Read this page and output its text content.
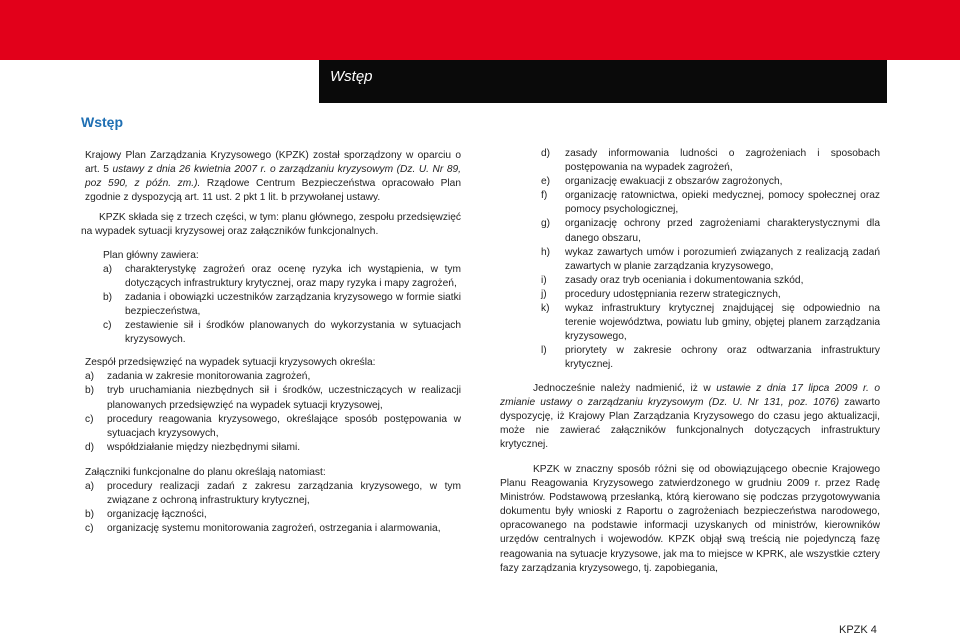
Wstęp
Wstęp

Krajowy Plan Zarządzania Kryzysowego (KPZK) został sporządzony w oparciu o art. 5 ustawy z dnia 26 kwietnia 2007 r. o zarządzaniu kryzysowym (Dz. U. Nr 89, poz 590, z późn. zm.). Rządowe Centrum Bezpieczeństwa opracowało Plan zgodnie z dyspozycją art. 11 ust. 2 pkt 1 lit. b przywołanej ustawy.

KPZK składa się z trzech części, w tym: planu głównego, zespołu przedsięwzięć na wypadek sytuacji kryzysowej oraz załączników funkcjonalnych.

Plan główny zawiera:

a) charakterystykę zagrożeń oraz ocenę ryzyka ich wystąpienia, w tym dotyczących infrastruktury krytycznej, oraz mapy ryzyka i mapy zagrożeń,
b) zadania i obowiązki uczestników zarządzania kryzysowego w formie siatki bezpieczeństwa,
c) zestawienie sił i środków planowanych do wykorzystania w sytuacjach kryzysowych.

Zespół przedsięwzięć na wypadek sytuacji kryzysowych określa:

a) zadania w zakresie monitorowania zagrożeń,
b) tryb uruchamiania niezbędnych sił i środków, uczestniczących w realizacji planowanych przedsięwzięć na wypadek sytuacji kryzysowej,
c) procedury reagowania kryzysowego, określające sposób postępowania w sytuacjach kryzysowych,
d) współdziałanie między niezbędnymi siłami.

Załączniki funkcjonalne do planu określają natomiast:

a) procedury realizacji zadań z zakresu zarządzania kryzysowego, w tym związane z ochroną infrastruktury krytycznej,
b) organizację łączności,
c) organizację systemu monitorowania zagrożeń, ostrzegania i alarmowania,
d) zasady informowania ludności o zagrożeniach i sposobach postępowania na wypadek zagrożeń,
e) organizację ewakuacji z obszarów zagrożonych,
f) organizację ratownictwa, opieki medycznej, pomocy społecznej oraz pomocy psychologicznej,
g) organizację ochrony przed zagrożeniami charakterystycznymi dla danego obszaru,
h) wykaz zawartych umów i porozumień związanych z realizacją zadań zawartych w planie zarządzania kryzysowego,
i) zasady oraz tryb oceniania i dokumentowania szkód,
j) procedury udostępniania rezerw strategicznych,
k) wykaz infrastruktury krytycznej znajdującej się odpowiednio na terenie województwa, powiatu lub gminy, objętej planem zarządzania kryzysowego,
l) priorytety w zakresie ochrony oraz odtwarzania infrastruktury krytycznej.

Jednocześnie należy nadmienić, iż w ustawie z dnia 17 lipca 2009 r. o zmianie ustawy o zarządzaniu kryzysowym (Dz. U. Nr 131, poz. 1076) zawarto dyspozycję, iż Krajowy Plan Zarządzania Kryzysowego do czasu jego aktualizacji, może nie zawierać załączników funkcjonalnych dotyczących infrastruktury krytycznej.

KPZK w znaczny sposób różni się od obowiązującego obecnie Krajowego Planu Reagowania Kryzysowego zatwierdzonego w grudniu 2009 r. przez Radę Ministrów. Podstawową przesłanką, którą kierowano się podczas przygotowywania dokumentu były wnioski z Raportu o zagrożeniach bezpieczeństwa narodowego, opracowanego na podstawie informacji uzyskanych od ministrów, kierowników urzędów centralnych i wojewodów. KPZK objął swą treścią nie pojedynczą fazę reagowania na sytuacje kryzysowe, jak ma to miejsce w KPRK, ale wszystkie cztery fazy zarządzania kryzysowego, tj. zapobiegania,

KPZK 4
